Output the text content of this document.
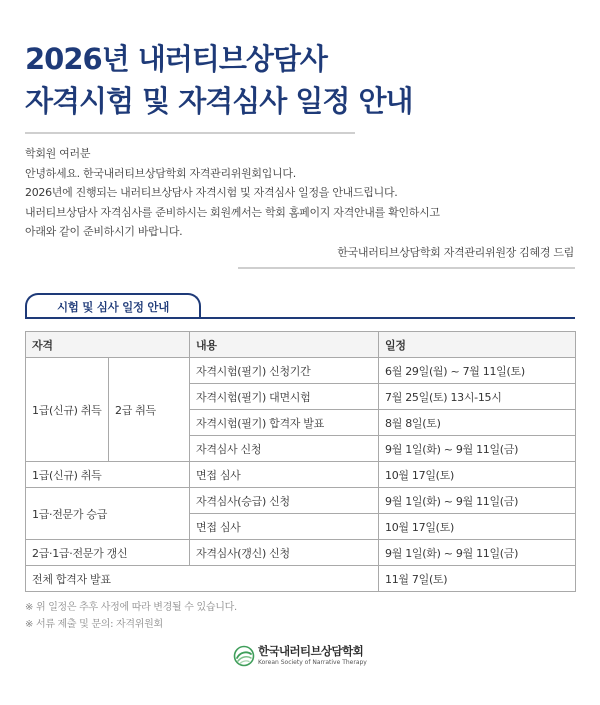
2026년 내러티브상담사
자격시험 및 자격심사 일정 안내

학회원 여러분

안녕하세요. 한국내러티브상담학회 자격관리위원회입니다.

2026년에 진행되는 내러티브상담사 자격시험 및 자격심사 일정을 안내드립니다.

내러티브상담사 자격심사를 준비하시는 회원께서는 학회 홈페이지 자격안내를 확인하시고

아래와 같이 준비하시기 바랍니다.

한국내러티브상담학회 자격관리위원장 김혜경 드림
시험 및 심사 일정 안내
자격		내용	일정
1급(신규) 취득	2급 취득	자격시험(필기) 신청기간	6월 29일(월) ~ 7월 11일(토)
		자격시험(필기) 대면시험	7월 25일(토) 13시-15시
		자격시험(필기) 합격자 발표	8월 8일(토)
		자격심사 신청	9월 1일(화) ~ 9월 11일(금)
1급(신규) 취득		면접 심사	10월 17일(토)
1급·전문가 승급		자격심사(승급) 신청	9월 1일(화) ~ 9월 11일(금)
		면접 심사	10월 17일(토)
2급·1급·전문가 갱신		자격심사(갱신) 신청	9월 1일(화) ~ 9월 11일(금)
전체 합격자 발표			11월 7일(토)

※ 위 일정은 추후 사정에 따라 변경될 수 있습니다.

※ 서류 제출 및 문의: 자격위원회

한국내러티브상담학회
Korean Society of Narrative Therapy
